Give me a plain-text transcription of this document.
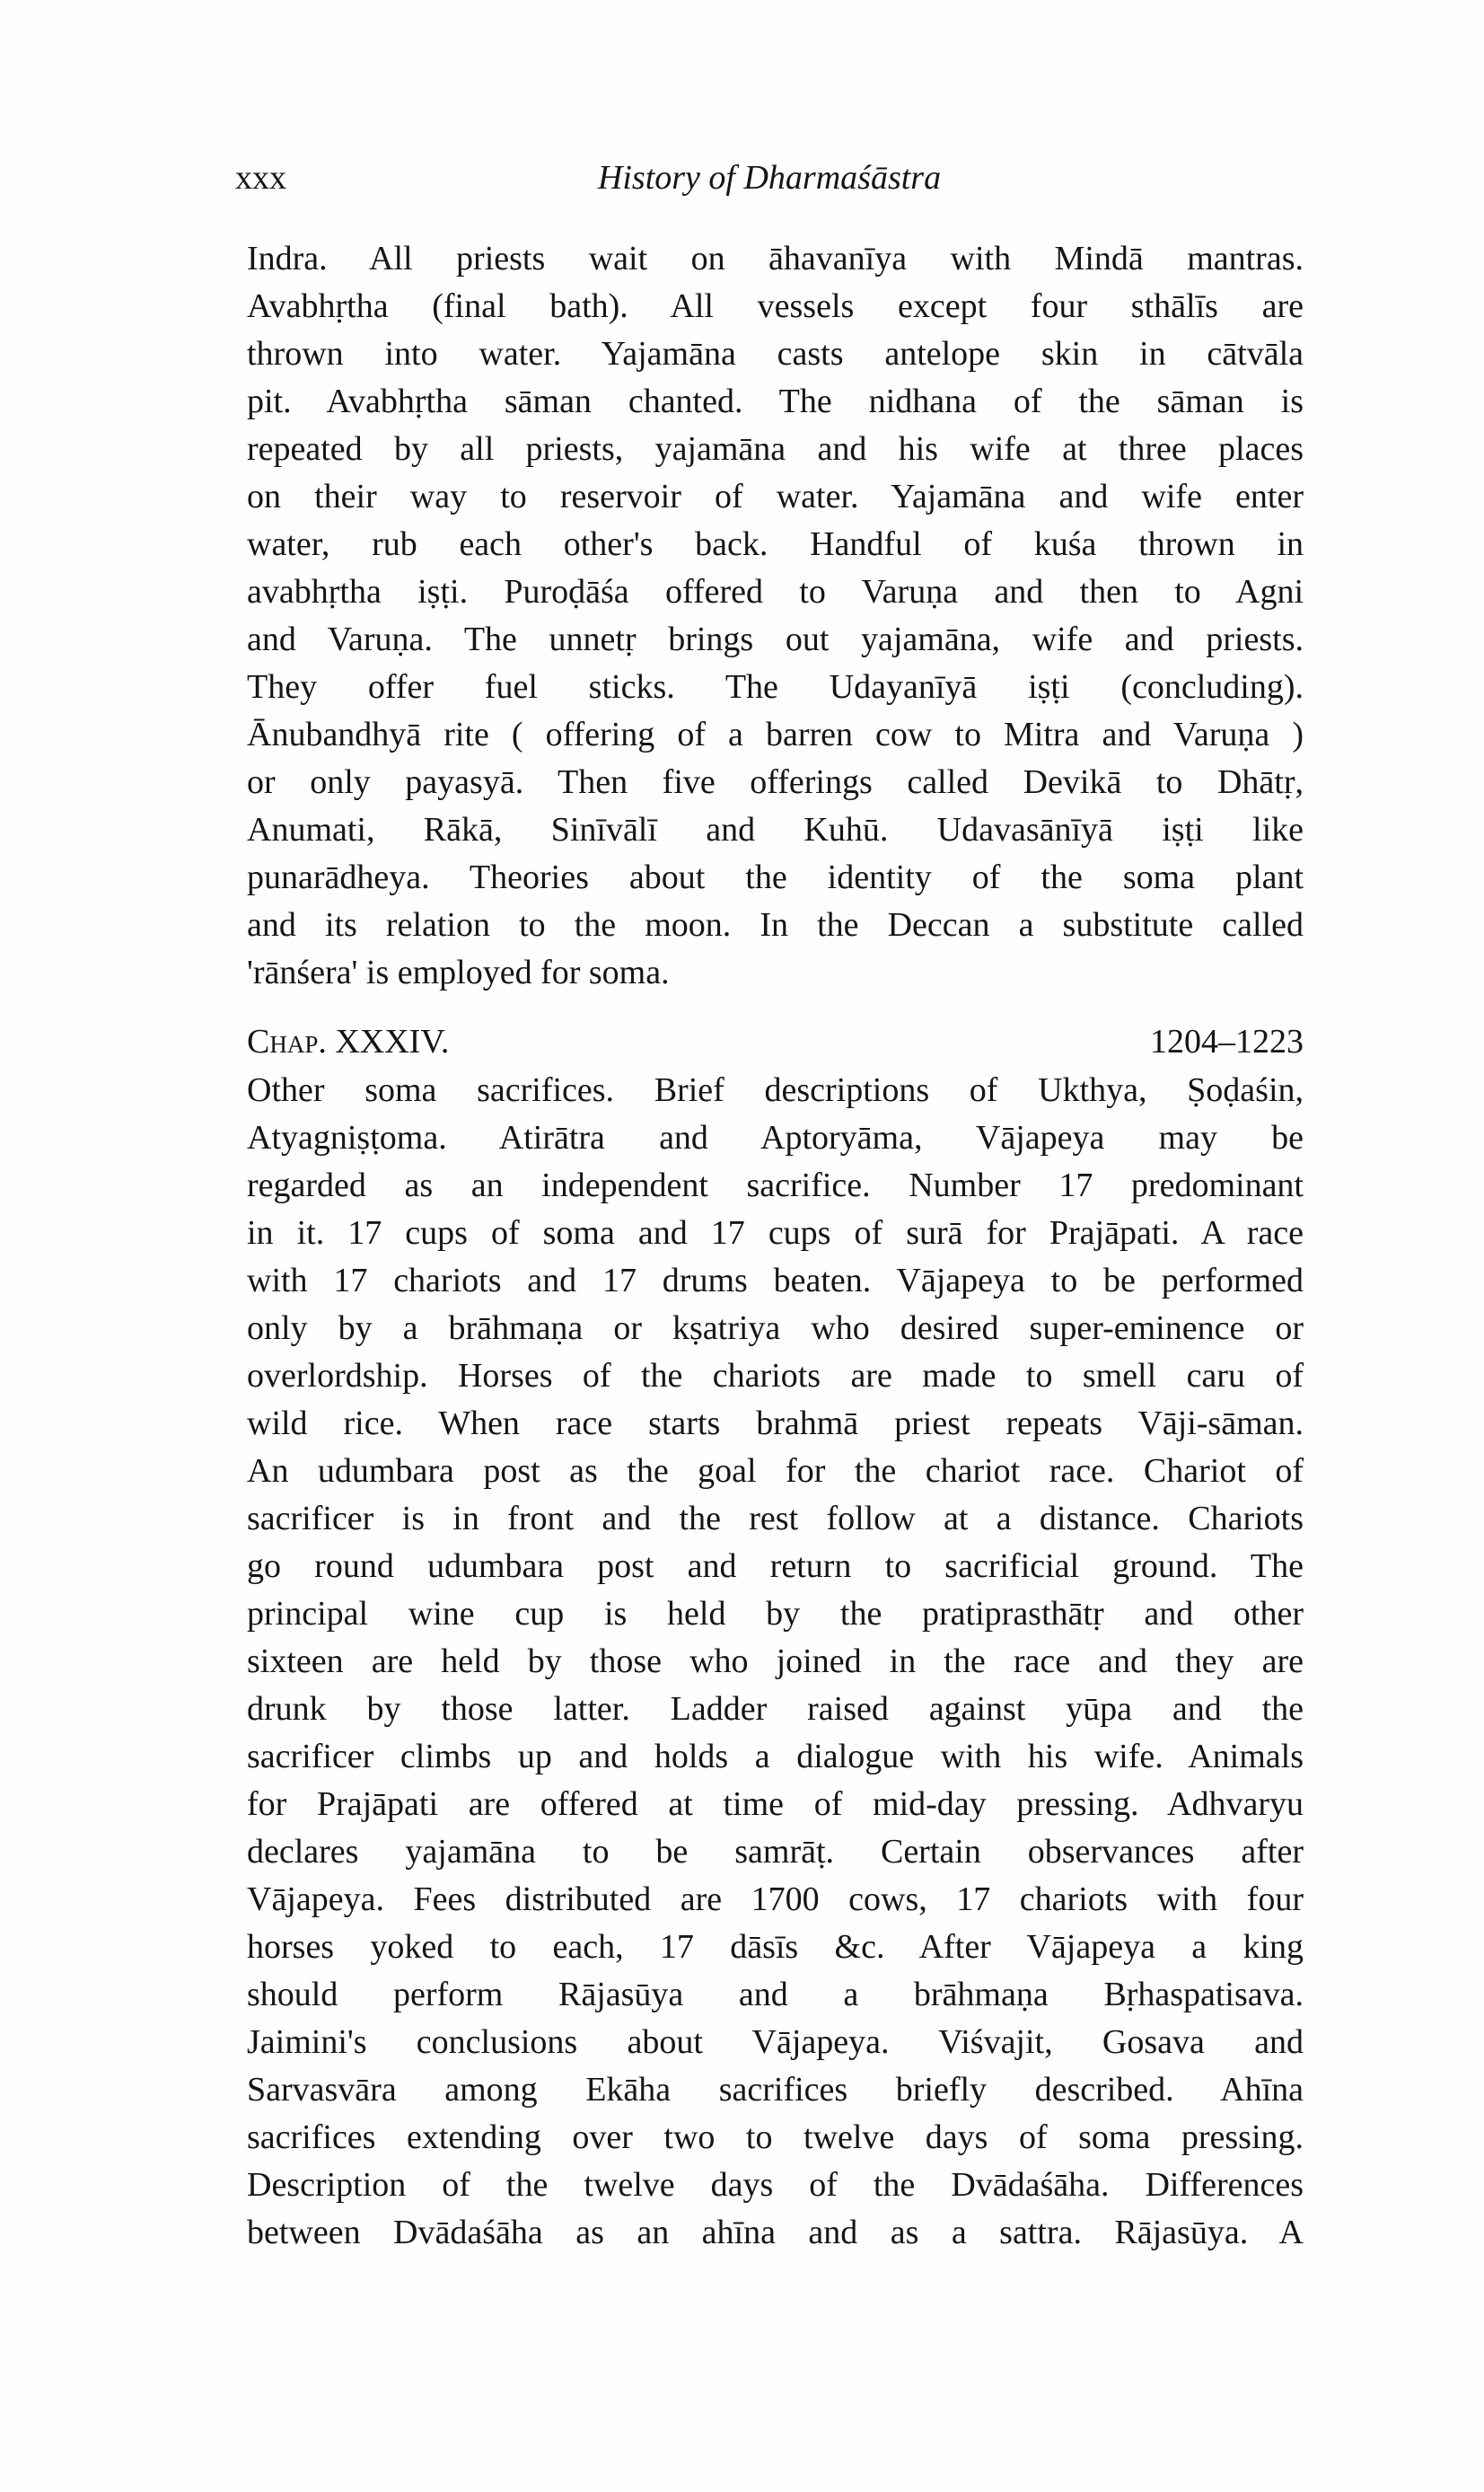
xxx	History of Dharmaśāstra
Indra. All priests wait on āhavanīya with Mindā mantras.
Avabhṛtha (final bath). All vessels except four sthālīs are
thrown into water. Yajamāna casts antelope skin in cātvāla
pit. Avabhṛtha sāman chanted. The nidhana of the sāman is
repeated by all priests, yajamāna and his wife at three places
on their way to reservoir of water. Yajamāna and wife enter
water, rub each other's back. Handful of kuśa thrown in
avabhṛtha iṣṭi. Puroḍāśa offered to Varuṇa and then to Agni
and Varuṇa. The unnetṛ brings out yajamāna, wife and priests.
They offer fuel sticks. The Udayanīyā iṣṭi (concluding).
Ānubandhyā rite ( offering of a barren cow to Mitra and Varuṇa )
or only payasyā. Then five offerings called Devikā to Dhātṛ,
Anumati, Rākā, Sinīvālī and Kuhū. Udavasānīyā iṣṭi like
punarādheya. Theories about the identity of the soma plant
and its relation to the moon. In the Deccan a substitute called
'rānśera' is employed for soma.
Chap. XXXIV.	1204–1223
Other soma sacrifices. Brief descriptions of Ukthya, Ṣoḍaśin,
Atyagniṣṭoma. Atirātra and Aptoryāma, Vājapeya may be
regarded as an independent sacrifice. Number 17 predominant
in it. 17 cups of soma and 17 cups of surā for Prajāpati. A race
with 17 chariots and 17 drums beaten. Vājapeya to be performed
only by a brāhmaṇa or kṣatriya who desired super-eminence or
overlordship. Horses of the chariots are made to smell caru of
wild rice. When race starts brahmā priest repeats Vāji-sāman.
An udumbara post as the goal for the chariot race. Chariot of
sacrificer is in front and the rest follow at a distance. Chariots
go round udumbara post and return to sacrificial ground. The
principal wine cup is held by the pratiprasthātṛ and other
sixteen are held by those who joined in the race and they are
drunk by those latter. Ladder raised against yūpa and the
sacrificer climbs up and holds a dialogue with his wife. Animals
for Prajāpati are offered at time of mid-day pressing. Adhvaryu
declares yajamāna to be samrāṭ. Certain observances after
Vājapeya. Fees distributed are 1700 cows, 17 chariots with four
horses yoked to each, 17 dāsīs &c. After Vājapeya a king
should perform Rājasūya and a brāhmaṇa Bṛhaspatisava.
Jaimini's conclusions about Vājapeya. Viśvajit, Gosava and
Sarvasvāra among Ekāha sacrifices briefly described. Ahīna
sacrifices extending over two to twelve days of soma pressing.
Description of the twelve days of the Dvādaśāha. Differences
between Dvādaśāha as an ahīna and as a sattra. Rājasūya. A
